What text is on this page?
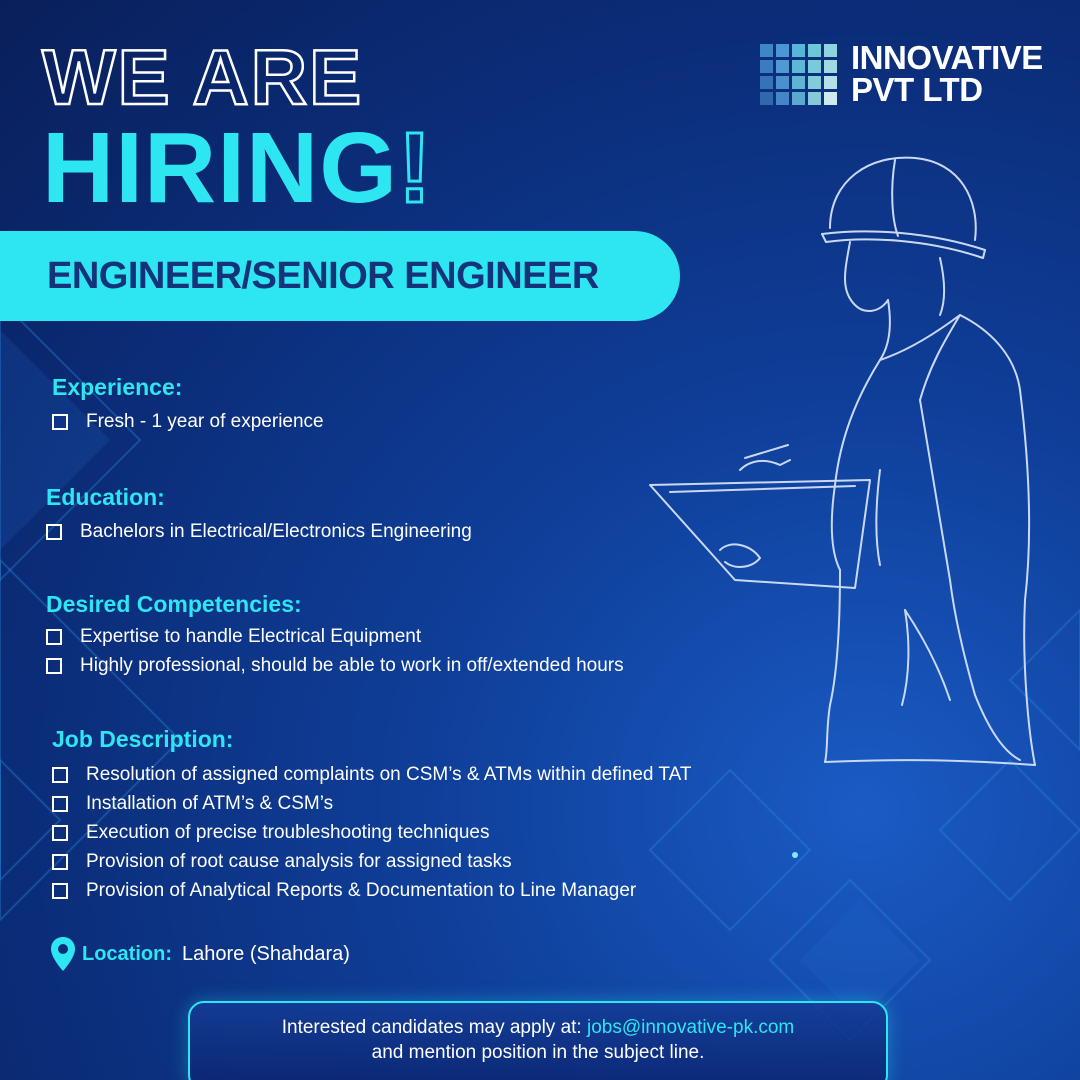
WE ARE
HIRING!
INNOVATIVE
PVT LTD
ENGINEER/SENIOR ENGINEER
Experience:
Fresh - 1 year of experience
Education:
Bachelors in Electrical/Electronics Engineering
Desired Competencies:
Expertise to handle Electrical Equipment
Highly professional, should be able to work in off/extended hours
Job Description:
Resolution of assigned complaints on CSM’s & ATMs within defined TAT
Installation of ATM’s & CSM’s
Execution of precise troubleshooting techniques
Provision of root cause analysis for assigned tasks
Provision of Analytical Reports & Documentation to Line Manager
Location: Lahore (Shahdara)
Interested candidates may apply at: jobs@innovative-pk.com
and mention position in the subject line.
